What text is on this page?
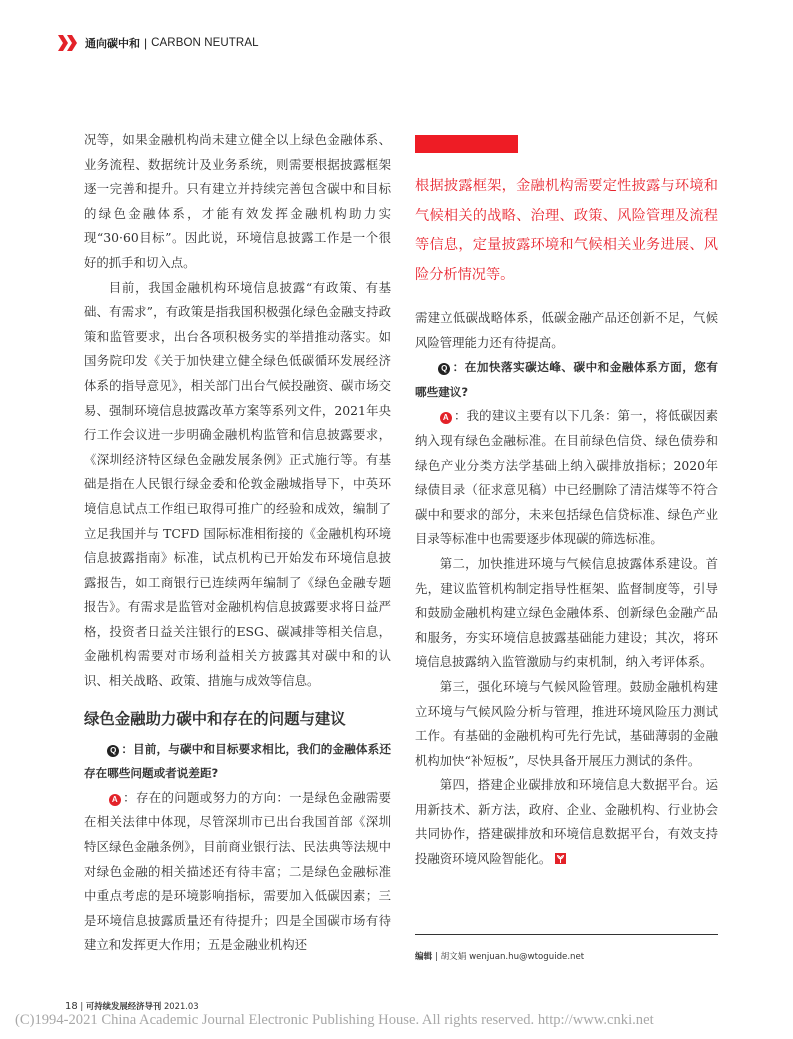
通向碳中和 | CARBON NEUTRAL

况等，如果金融机构尚未建立健全以上绿色金融体系、业务流程、数据统计及业务系统，则需要根据披露框架逐一完善和提升。只有建立并持续完善包含碳中和目标的绿色金融体系，才能有效发挥金融机构助力实现“30·60目标”。因此说，环境信息披露工作是一个很好的抓手和切入点。

目前，我国金融机构环境信息披露“有政策、有基础、有需求”，有政策是指我国积极强化绿色金融支持政策和监管要求，出台各项积极务实的举措推动落实。如国务院印发《关于加快建立健全绿色低碳循环发展经济体系的指导意见》，相关部门出台气候投融资、碳市场交易、强制环境信息披露改革方案等系列文件，2021年央行工作会议进一步明确金融机构监管和信息披露要求，《深圳经济特区绿色金融发展条例》正式施行等。有基础是指在人民银行绿金委和伦敦金融城指导下，中英环境信息试点工作组已取得可推广的经验和成效，编制了立足我国并与 TCFD 国际标准相衔接的《金融机构环境信息披露指南》标准，试点机构已开始发布环境信息披露报告，如工商银行已连续两年编制了《绿色金融专题报告》。有需求是监管对金融机构信息披露要求将日益严格，投资者日益关注银行的ESG、碳减排等相关信息，金融机构需要对市场利益相关方披露其对碳中和的认识、相关战略、政策、措施与成效等信息。

绿色金融助力碳中和存在的问题与建议

Q ：目前，与碳中和目标要求相比，我们的金融体系还存在哪些问题或者说差距?

A ：存在的问题或努力的方向：一是绿色金融需要在相关法律中体现，尽管深圳市已出台我国首部《深圳特区绿色金融条例》，目前商业银行法、民法典等法规中对绿色金融的相关描述还有待丰富；二是绿色金融标准中重点考虑的是环境影响指标，需要加入低碳因素；三是环境信息披露质量还有待提升；四是全国碳市场有待建立和发挥更大作用；五是金融业机构还

根据披露框架，金融机构需要定性披露与环境和气候相关的战略、治理、政策、风险管理及流程等信息，定量披露环境和气候相关业务进展、风险分析情况等。

需建立低碳战略体系，低碳金融产品还创新不足，气候风险管理能力还有待提高。

Q ：在加快落实碳达峰、碳中和金融体系方面，您有哪些建议?

A ：我的建议主要有以下几条：第一，将低碳因素纳入现有绿色金融标准。在目前绿色信贷、绿色债券和绿色产业分类方法学基础上纳入碳排放指标；2020年绿债目录（征求意见稿）中已经删除了清洁煤等不符合碳中和要求的部分，未来包括绿色信贷标准、绿色产业目录等标准中也需要逐步体现碳的筛选标准。

第二，加快推进环境与气候信息披露体系建设。首先，建议监管机构制定指导性框架、监督制度等，引导和鼓励金融机构建立绿色金融体系、创新绿色金融产品和服务，夯实环境信息披露基础能力建设；其次，将环境信息披露纳入监管激励与约束机制，纳入考评体系。

第三，强化环境与气候风险管理。鼓励金融机构建立环境与气候风险分析与管理，推进环境风险压力测试工作。有基础的金融机构可先行先试，基础薄弱的金融机构加快“补短板”，尽快具备开展压力测试的条件。

第四，搭建企业碳排放和环境信息大数据平台。运用新技术、新方法，政府、企业、金融机构、行业协会共同协作，搭建碳排放和环境信息数据平台，有效支持投融资环境风险智能化。

编辑 | 胡文娟 wenjuan.hu@wtoguide.net
18 | 可持续发展经济导刊 2021.03
(C)1994-2021 China Academic Journal Electronic Publishing House. All rights reserved. http://www.cnki.net
